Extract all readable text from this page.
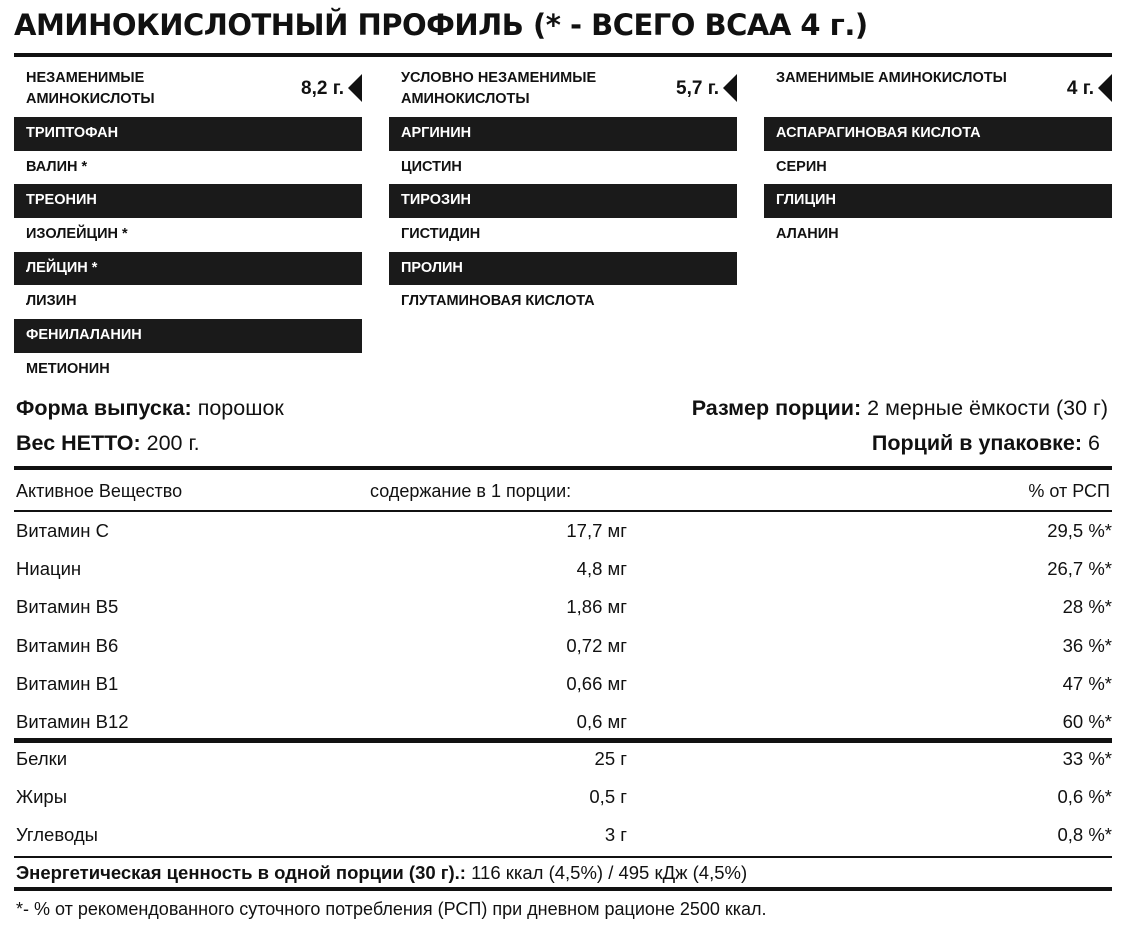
АМИНОКИСЛОТНЫЙ ПРОФИЛЬ (* - ВСЕГО ВСАА 4 г.)
НЕЗАМЕНИМЫЕ АМИНОКИСЛОТЫ	8,2 г.
ТРИПТОФАН
ВАЛИН *
ТРЕОНИН
ИЗОЛЕЙЦИН *
ЛЕЙЦИН *
ЛИЗИН
ФЕНИЛАЛАНИН
МЕТИОНИН
УСЛОВНО НЕЗАМЕНИМЫЕ АМИНОКИСЛОТЫ	5,7 г.
АРГИНИН
ЦИСТИН
ТИРОЗИН
ГИСТИДИН
ПРОЛИН
ГЛУТАМИНОВАЯ КИСЛОТА
ЗАМЕНИМЫЕ АМИНОКИСЛОТЫ	4 г.
АСПАРАГИНОВАЯ КИСЛОТА
СЕРИН
ГЛИЦИН
АЛАНИН
Форма выпуска: порошок
Вес НЕТТО: 200 г.
Размер порции: 2 мерные ёмкости (30 г)
Порций в упаковке: 6
Активное Вещество	содержание в 1 порции:	% от РСП
Витамин С	17,7 мг	29,5 %*
Ниацин	4,8 мг	26,7 %*
Витамин В5	1,86 мг	28 %*
Витамин В6	0,72 мг	36 %*
Витамин В1	0,66 мг	47 %*
Витамин В12	0,6 мг	60 %*
Белки	25 г	33 %*
Жиры	0,5 г	0,6 %*
Углеводы	3 г	0,8 %*
Энергетическая ценность в одной порции (30 г).: 116 ккал (4,5%) / 495 кДж (4,5%)
*- % от рекомендованного суточного потребления (РСП) при дневном рационе 2500 ккал.
